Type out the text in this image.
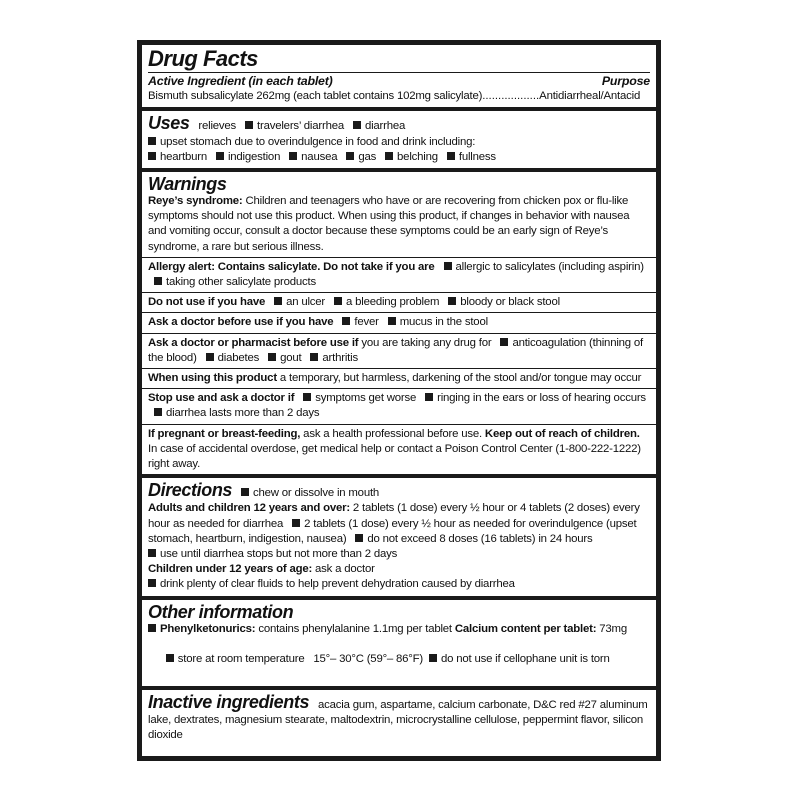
Drug Facts
Active Ingredient (in each tablet)	Purpose
Bismuth subsalicylate 262mg (each tablet contains 102mg salicylate)..................Antidiarrheal/Antacid
Uses relieves travelers’ diarrhea diarrhea
upset stomach due to overindulgence in food and drink including:
heartburn indigestion nausea gas belching fullness
Warnings
Reye’s syndrome: Children and teenagers who have or are recovering from chicken pox or flu-like symptoms should not use this product. When using this product, if changes in behavior with nausea and vomiting occur, consult a doctor because these symptoms could be an early sign of Reye’s syndrome, a rare but serious illness.
Allergy alert: Contains salicylate. Do not take if you are allergic to salicylates (including aspirin) taking other salicylate products
Do not use if you have an ulcer a bleeding problem bloody or black stool
Ask a doctor before use if you have fever mucus in the stool
Ask a doctor or pharmacist before use if you are taking any drug for anticoagulation (thinning of the blood) diabetes gout arthritis
When using this product a temporary, but harmless, darkening of the stool and/or tongue may occur
Stop use and ask a doctor if symptoms get worse ringing in the ears or loss of hearing occurs diarrhea lasts more than 2 days
If pregnant or breast-feeding, ask a health professional before use. Keep out of reach of children. In case of accidental overdose, get medical help or contact a Poison Control Center (1-800-222-1222) right away.
Directions chew or dissolve in mouth
Adults and children 12 years and over: 2 tablets (1 dose) every ½ hour or 4 tablets (2 doses) every hour as needed for diarrhea 2 tablets (1 dose) every ½ hour as needed for overindulgence (upset stomach, heartburn, indigestion, nausea) do not exceed 8 doses (16 tablets) in 24 hours
use until diarrhea stops but not more than 2 days
Children under 12 years of age: ask a doctor
drink plenty of clear fluids to help prevent dehydration caused by diarrhea
Other information
Phenylketonurics: contains phenylalanine 1.1mg per tablet Calcium content per tablet: 73mg

store at room temperature   15°– 30°C (59°– 86°F) do not use if cellophane unit is torn

Inactive ingredients acacia gum, aspartame, calcium carbonate, D&C red #27 aluminum lake, dextrates, magnesium stearate, maltodextrin, microcrystalline cellulose, peppermint flavor, silicon dioxide
